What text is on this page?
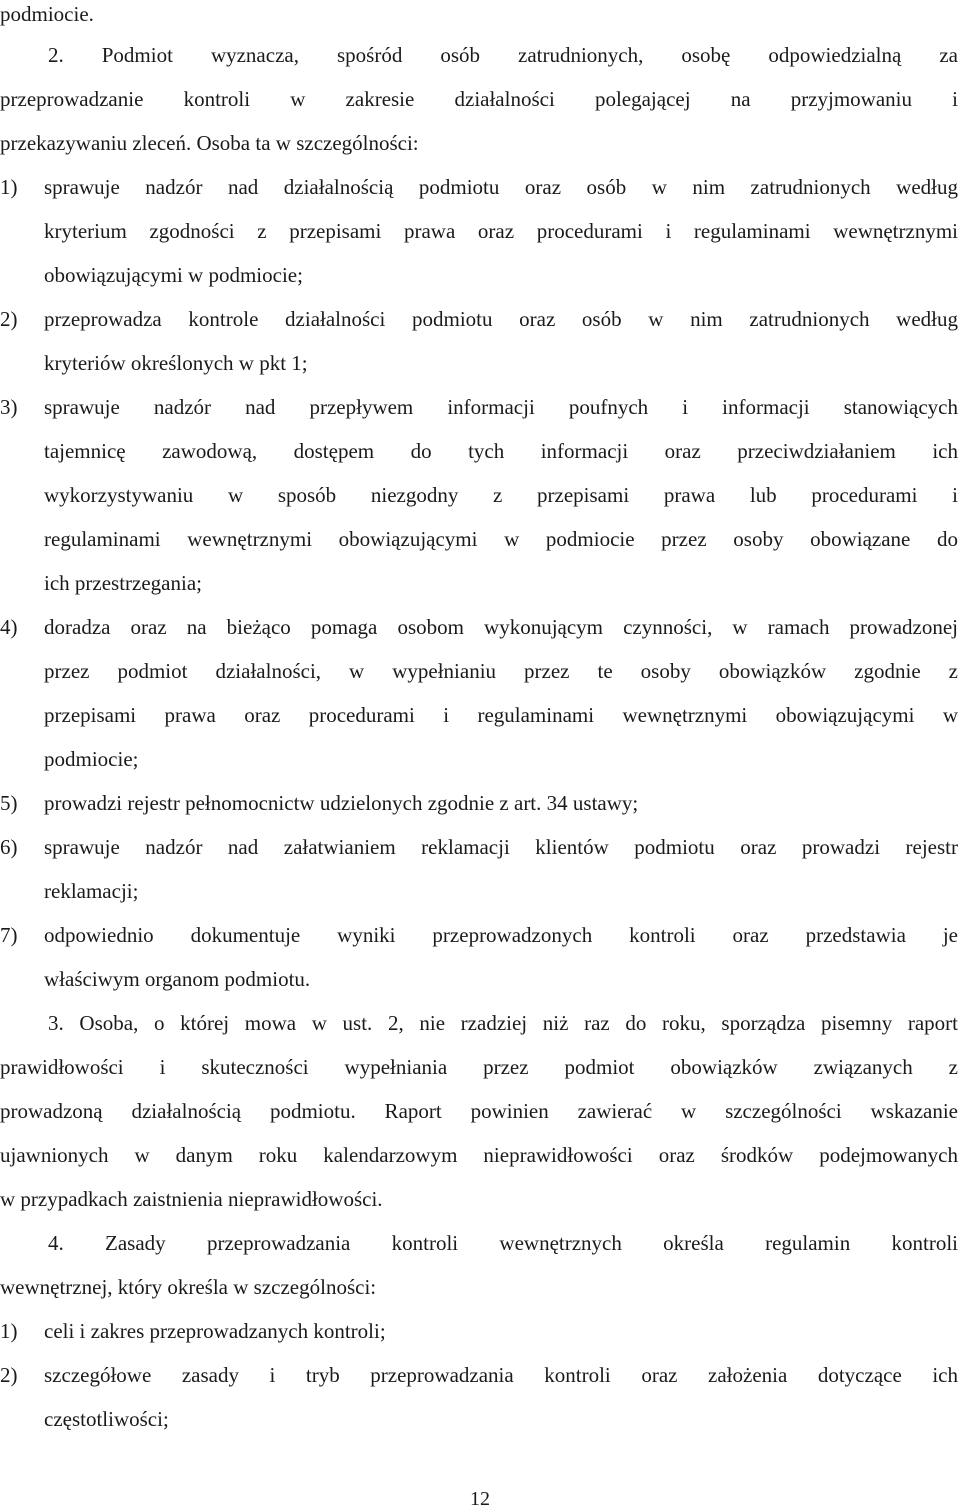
podmiocie.
2. Podmiot wyznacza, spośród osób zatrudnionych, osobę odpowiedzialną za
przeprowadzanie kontroli w zakresie działalności polegającej na przyjmowaniu i
przekazywaniu zleceń. Osoba ta w szczególności:
1) sprawuje nadzór nad działalnością podmiotu oraz osób w nim zatrudnionych według
kryterium zgodności z przepisami prawa oraz procedurami i regulaminami wewnętrznymi
obowiązującymi w podmiocie;
2) przeprowadza kontrole działalności podmiotu oraz osób w nim zatrudnionych według
kryteriów określonych w pkt 1;
3) sprawuje nadzór nad przepływem informacji poufnych i informacji stanowiących
tajemnicę zawodową, dostępem do tych informacji oraz przeciwdziałaniem ich
wykorzystywaniu w sposób niezgodny z przepisami prawa lub procedurami i
regulaminami wewnętrznymi obowiązującymi w podmiocie przez osoby obowiązane do
ich przestrzegania;
4) doradza oraz na bieżąco pomaga osobom wykonującym czynności, w ramach prowadzonej
przez podmiot działalności, w wypełnianiu przez te osoby obowiązków zgodnie z
przepisami prawa oraz procedurami i regulaminami wewnętrznymi obowiązującymi w
podmiocie;
5) prowadzi rejestr pełnomocnictw udzielonych zgodnie z art. 34 ustawy;
6) sprawuje nadzór nad załatwianiem reklamacji klientów podmiotu oraz prowadzi rejestr
reklamacji;
7) odpowiednio dokumentuje wyniki przeprowadzonych kontroli oraz przedstawia je
właściwym organom podmiotu.
3. Osoba, o której mowa w ust. 2, nie rzadziej niż raz do roku, sporządza pisemny raport
prawidłowości i skuteczności wypełniania przez podmiot obowiązków związanych z
prowadzoną działalnością podmiotu. Raport powinien zawierać w szczególności wskazanie
ujawnionych w danym roku kalendarzowym nieprawidłowości oraz środków podejmowanych
w przypadkach zaistnienia nieprawidłowości.
4. Zasady przeprowadzania kontroli wewnętrznych określa regulamin kontroli
wewnętrznej, który określa w szczególności:
1) celi i zakres przeprowadzanych kontroli;
2) szczegółowe zasady i tryb przeprowadzania kontroli oraz założenia dotyczące ich
częstotliwości;
12
